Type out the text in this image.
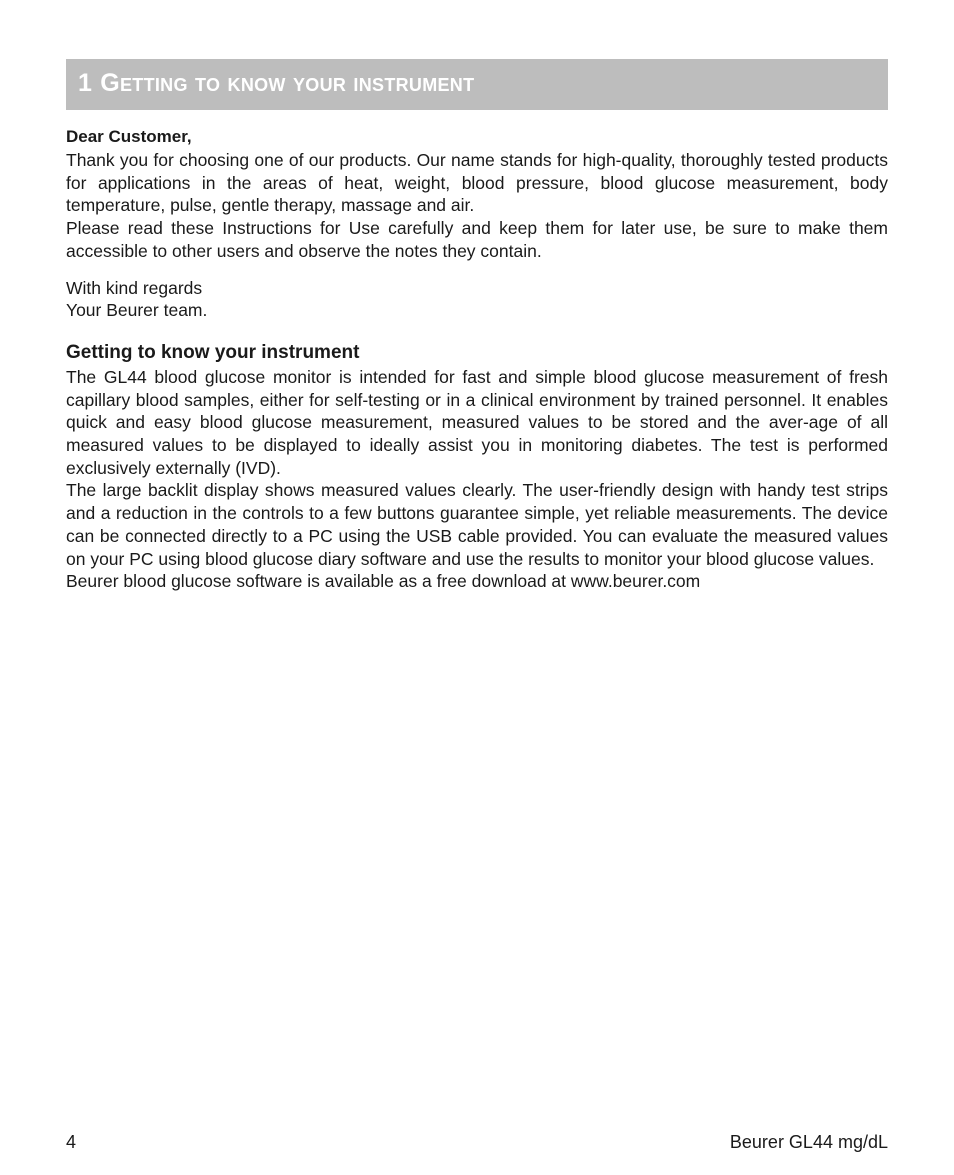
1 Getting to know your instrument
Dear Customer,

Thank you for choosing one of our products. Our name stands for high-quality, thoroughly tested products for applications in the areas of heat, weight, blood pressure, blood glucose measurement, body temperature, pulse, gentle therapy, massage and air.

Please read these Instructions for Use carefully and keep them for later use, be sure to make them accessible to other users and observe the notes they contain.

With kind regards

Your Beurer team.

Getting to know your instrument

The GL44 blood glucose monitor is intended for fast and simple blood glucose measurement of fresh capillary blood samples, either for self-testing or in a clinical environment by trained personnel. It enables quick and easy blood glucose measurement, measured values to be stored and the aver-age of all measured values to be displayed to ideally assist you in monitoring diabetes. The test is performed exclusively externally (IVD).

The large backlit display shows measured values clearly. The user-friendly design with handy test strips and a reduction in the controls to a few buttons guarantee simple, yet reliable measurements. The device can be connected directly to a PC using the USB cable provided. You can evaluate the measured values on your PC using blood glucose diary software and use the results to monitor your blood glucose values.

Beurer blood glucose software is available as a free download at www.beurer.com

4	Beurer GL44 mg/dL
